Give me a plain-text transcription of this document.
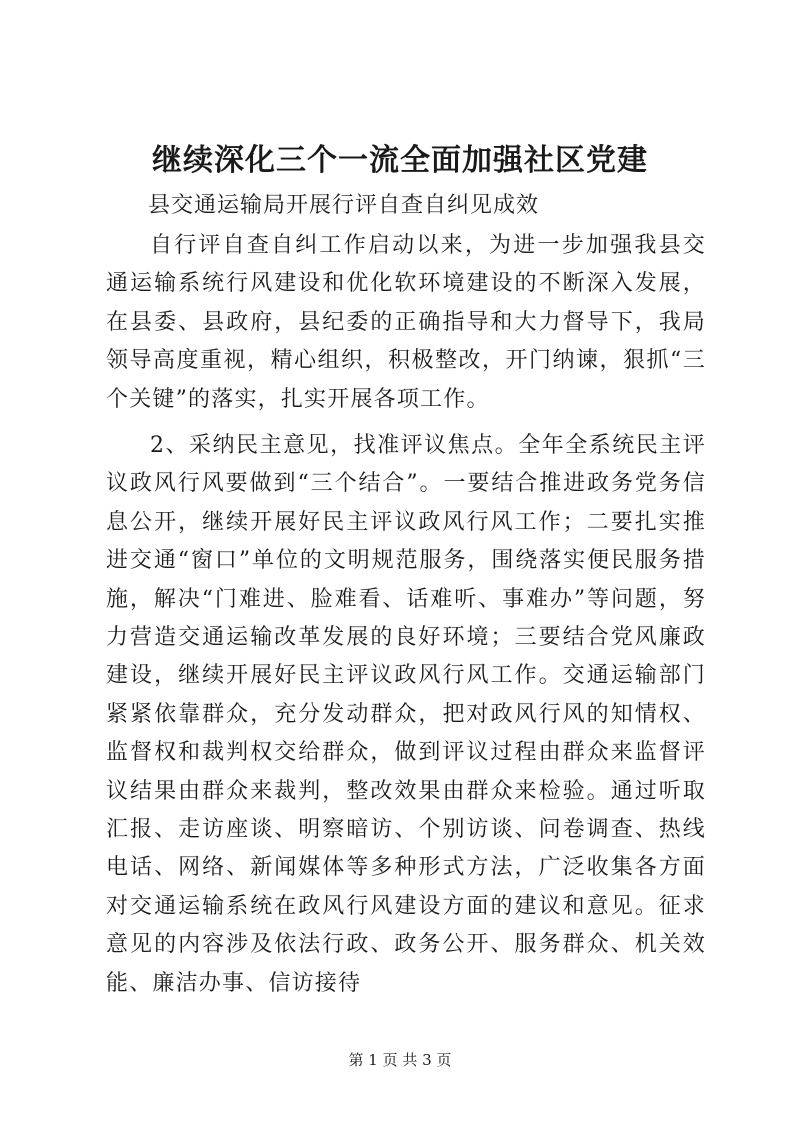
继续深化三个一流全面加强社区党建

县交通运输局开展行评自查自纠见成效

自行评自查自纠工作启动以来，为进一步加强我县交通运输系统行风建设和优化软环境建设的不断深入发展，在县委、县政府，县纪委的正确指导和大力督导下，我局领导高度重视，精心组织，积极整改，开门纳谏，狠抓“三个关键”的落实，扎实开展各项工作。

2、采纳民主意见，找准评议焦点。全年全系统民主评议政风行风要做到“三个结合”。一要结合推进政务党务信息公开，继续开展好民主评议政风行风工作；二要扎实推进交通“窗口”单位的文明规范服务，围绕落实便民服务措施，解决“门难进、脸难看、话难听、事难办”等问题，努力营造交通运输改革发展的良好环境；三要结合党风廉政建设，继续开展好民主评议政风行风工作。交通运输部门紧紧依靠群众，充分发动群众，把对政风行风的知情权、监督权和裁判权交给群众，做到评议过程由群众来监督评议结果由群众来裁判，整改效果由群众来检验。通过听取汇报、走访座谈、明察暗访、个别访谈、问卷调查、热线电话、网络、新闻媒体等多种形式方法，广泛收集各方面对交通运输系统在政风行风建设方面的建议和意见。征求意见的内容涉及依法行政、政务公开、服务群众、机关效能、廉洁办事、信访接待

第 1 页 共 3 页
